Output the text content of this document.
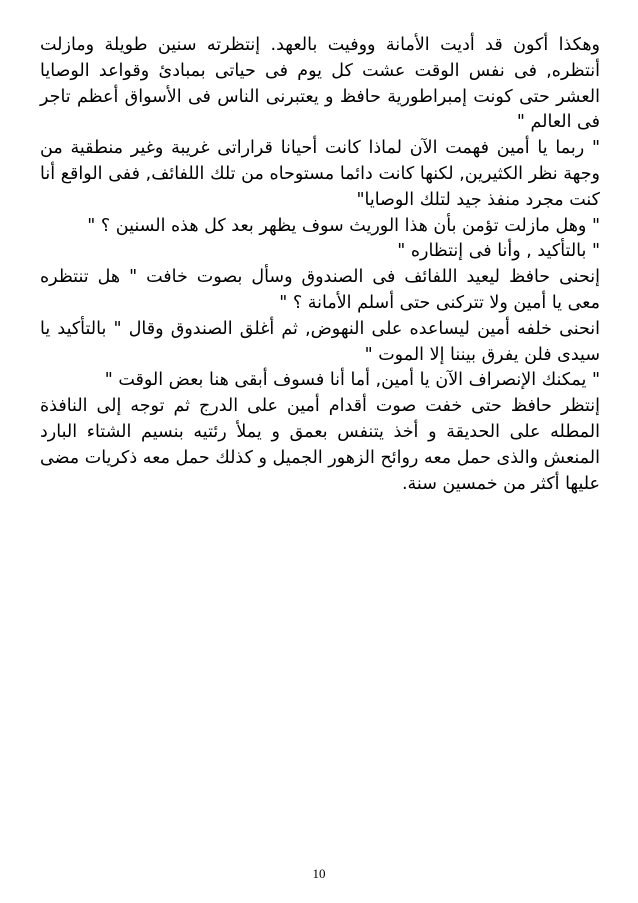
وهكذا أكون قد أديت الأمانة ووفيت بالعهد. إنتظرته سنين طويلة ومازلت أنتظره, فى نفس الوقت عشت كل يوم فى حياتى بمبادئ وقواعد الوصايا العشر حتى كونت إمبراطورية حافظ و يعتبرنى الناس فى الأسواق أعظم تاجر فى العالم "

" ربما يا أمين فهمت الآن لماذا كانت أحيانا قراراتى غريبة وغير منطقية من وجهة نظر الكثيرين, لكنها كانت دائما مستوحاه من تلك اللفائف, ففى الواقع أنا كنت مجرد منفذ جيد لتلك الوصايا"

" وهل مازلت تؤمن بأن هذا الوريث سوف يظهر بعد كل هذه السنين ؟ "

" بالتأكيد , وأنا فى إنتظاره "

إنحنى حافظ ليعيد اللفائف فى الصندوق وسأل بصوت خافت " هل تنتظره معى يا أمين ولا تتركنى حتى أسلم الأمانة ؟ "

انحنى خلفه أمين ليساعده على النهوض, ثم أغلق الصندوق وقال " بالتأكيد يا سيدى فلن يفرق بيننا إلا الموت "

" يمكنك الإنصراف الآن يا أمين, أما أنا فسوف أبقى هنا بعض الوقت "

إنتظر حافظ حتى خفت صوت أقدام أمين على الدرج ثم توجه إلى النافذة المطله على الحديقة و أخذ يتنفس بعمق و يملأ رئتيه بنسيم الشتاء البارد المنعش والذى حمل معه روائح الزهور الجميل و كذلك حمل معه ذكريات مضى عليها أكثر من خمسين سنة.

10
